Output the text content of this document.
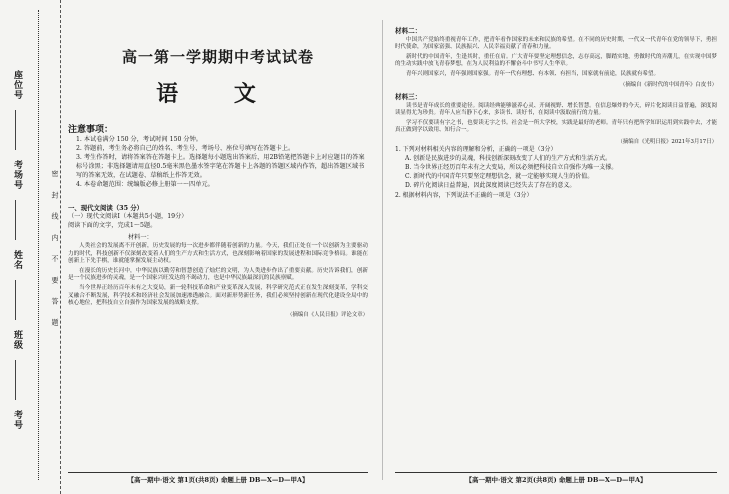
座位号
考场号
姓名
班级
考号
密 封 线 内 不 要 答 题
高一第一学期期中考试试卷
语 文
注意事项：
1. 本试卷满分 150 分，考试时间 150 分钟。
2. 答题前，考生务必将自己的姓名、考生号、考场号、座位号填写在答题卡上。
3. 考生作答时，请将答案答在答题卡上。选择题每小题选出答案后，用2B铅笔把答题卡上对应题目的答案标号涂黑；非选择题请用直径0.5毫米黑色墨水签字笔在答题卡上各题的答题区域内作答，超出答题区域书写的答案无效，在试题卷、草稿纸上作答无效。
4. 本卷命题范围：统编版必修上册第一～四单元。
一、现代文阅读（35 分）
（一）现代文阅读Ⅰ（本题共5小题，19分）
阅读下面的文字，完成1～5题。
材料一：

人类社会的发展离不开创新，历史发展的每一次进步都伴随着创新的力量。今天，我们正处在一个以创新为主要驱动力的时代，科技创新不仅深刻改变着人们的生产方式和生活方式，也深刻影响着国家的发展进程和国际竞争格局。谁能在创新上下先手棋，谁就能掌握发展主动权。

在漫长的历史长河中，中华民族以勤劳和智慧创造了灿烂的文明，为人类进步作出了重要贡献。历史告诉我们，创新是一个民族进步的灵魂，是一个国家兴旺发达的不竭动力，也是中华民族最深沉的民族禀赋。

当今世界正经历百年未有之大变局，新一轮科技革命和产业变革深入发展，科学研究范式正在发生深刻变革，学科交叉融合不断发展，科学技术和经济社会发展加速渗透融合。面对新形势新任务，我们必须坚持创新在现代化建设全局中的核心地位，把科技自立自强作为国家发展的战略支撑。

（摘编自《人民日报》评论文章）
【高一期中·语文 第1页(共8页) 命题上册 DB—X—D—甲A】
材料二：

中国共产党始终重视青年工作，把青年看作国家的未来和民族的希望。在不同的历史时期，一代又一代青年在党的领导下，勇担时代使命，为国家富强、民族振兴、人民幸福贡献了青春和力量。

新时代的中国青年，生逢其时，重任在肩。广大青年要坚定理想信念，志存高远，脚踏实地，勇做时代的弄潮儿，在实现中国梦的生动实践中放飞青春梦想，在为人民利益的不懈奋斗中书写人生华章。

青年兴则国家兴，青年强则国家强。青年一代有理想、有本领、有担当，国家就有前途，民族就有希望。

（摘编自《新时代的中国青年》白皮书）
材料三：

读书是青年成长的重要途径。阅读经典能够滋养心灵、开阔视野、增长智慧。在信息爆炸的今天，碎片化阅读日益普遍，深度阅读显得尤为珍贵。青年人应当静下心来，多读书、读好书，在阅读中汲取前行的力量。

学习不仅要读有字之书，也要读无字之书。社会是一所大学校，实践是最好的老师。青年只有把所学知识运用到实践中去，才能真正做到学以致用、知行合一。

（摘编自《光明日报》2021年3月17日）
1. 下列对材料相关内容的理解和分析，正确的一项是（3分）
A. 创新是民族进步的灵魂，科技创新深刻改变了人们的生产方式和生活方式。
B. 当今世界正经历百年未有之大变局，所以必须把科技自立自强作为唯一支撑。
C. 新时代的中国青年只要坚定理想信念，就一定能够实现人生的价值。
D. 碎片化阅读日益普遍，因此深度阅读已经失去了存在的意义。
2. 根据材料内容，下列说法不正确的一项是（3分）
【高一期中·语文 第2页(共8页) 命题上册 DB—X—D—甲A】
